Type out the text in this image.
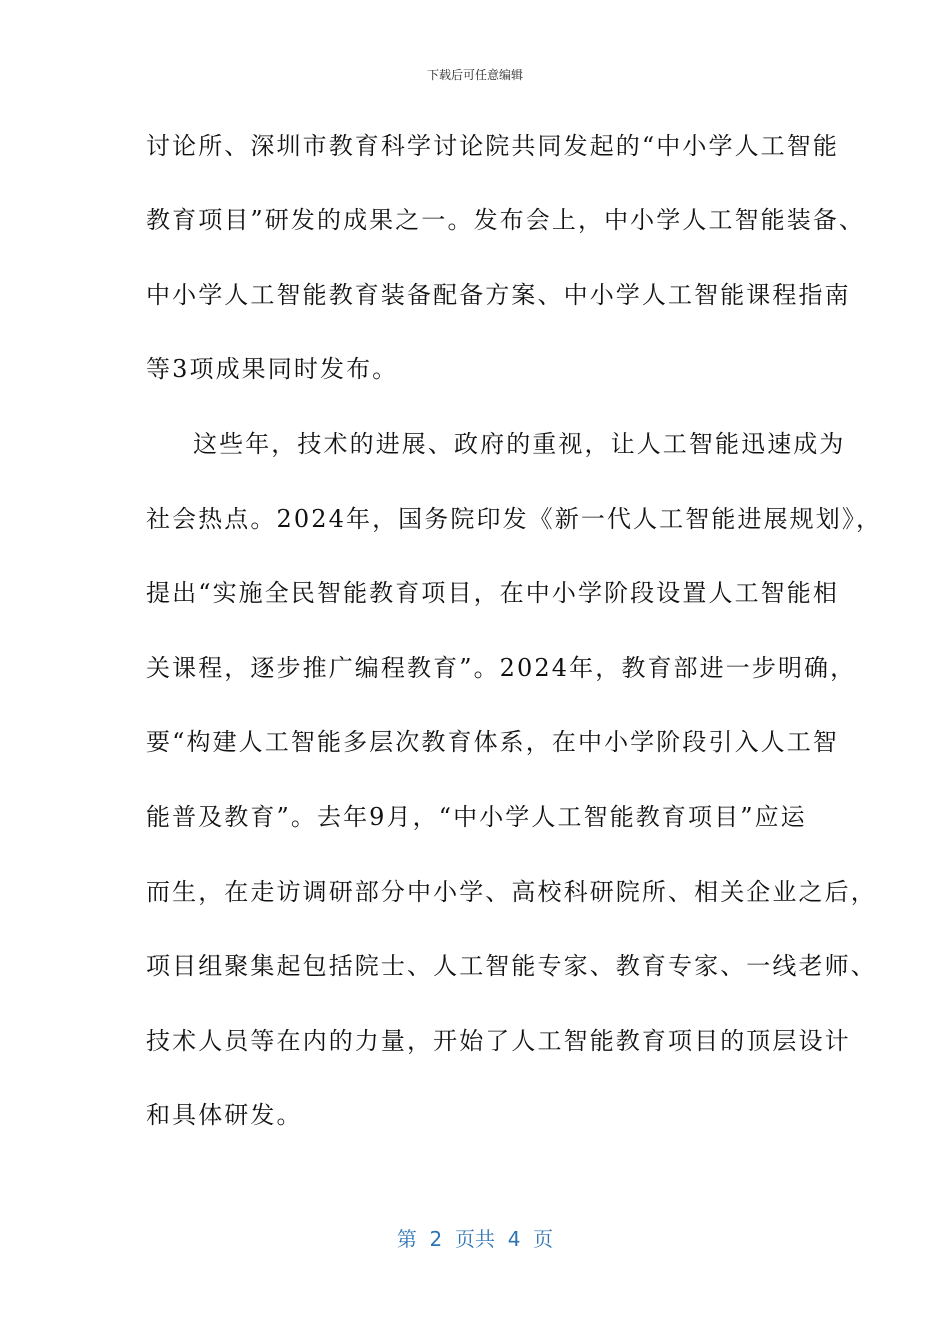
下载后可任意编辑
讨论所、深圳市教育科学讨论院共同发起的“中小学人工智能
教育项目”研发的成果之一。发布会上，中小学人工智能装备、
中小学人工智能教育装备配备方案、中小学人工智能课程指南
等3项成果同时发布。
这些年，技术的进展、政府的重视，让人工智能迅速成为
社会热点。2024年，国务院印发《新一代人工智能进展规划》，
提出“实施全民智能教育项目，在中小学阶段设置人工智能相
关课程，逐步推广编程教育”。2024年，教育部进一步明确，
要“构建人工智能多层次教育体系，在中小学阶段引入人工智
能普及教育”。去年9月，“中小学人工智能教育项目”应运
而生，在走访调研部分中小学、高校科研院所、相关企业之后，
项目组聚集起包括院士、人工智能专家、教育专家、一线老师、
技术人员等在内的力量，开始了人工智能教育项目的顶层设计
和具体研发。
第  2  页共  4  页
